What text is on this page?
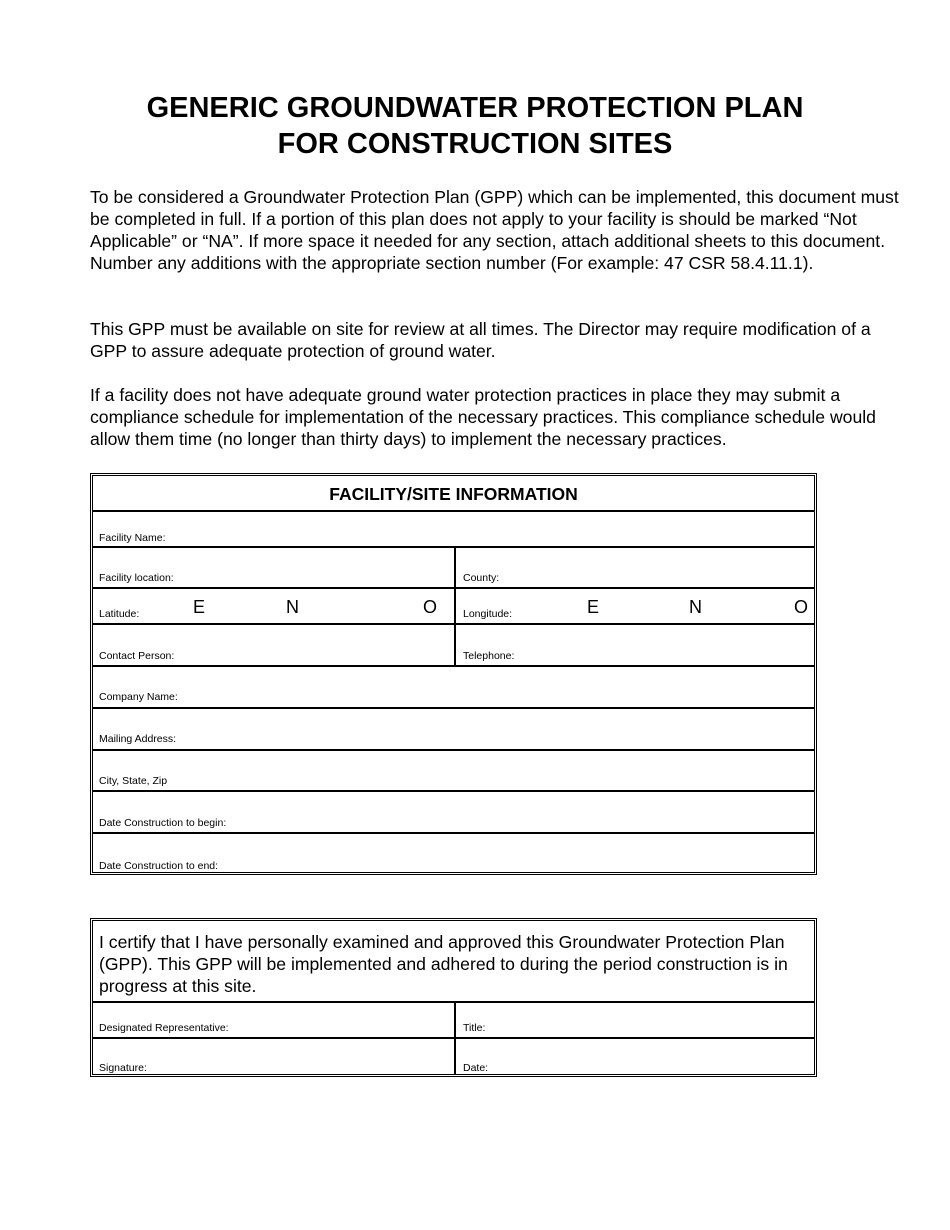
GENERIC GROUNDWATER PROTECTION PLAN
FOR CONSTRUCTION SITES

To be considered a Groundwater Protection Plan (GPP) which can be implemented, this document must be completed in full. If a portion of this plan does not apply to your facility is should be marked “Not Applicable” or “NA”. If more space it needed for any section, attach additional sheets to this document. Number any additions with the appropriate section number (For example: 47 CSR 58.4.11.1).

This GPP must be available on site for review at all times. The Director may require modification of a GPP to assure adequate protection of ground water.

If a facility does not have adequate ground water protection practices in place they may submit a compliance schedule for implementation of the necessary practices. This compliance schedule would allow them time (no longer than thirty days) to implement the necessary practices.

FACILITY/SITE INFORMATION
Facility Name:
Facility location:	County:
Latitude:	E	N	O Longitude:	E	N	O
Contact Person:	Telephone:
Company Name:
Mailing Address:
City, State, Zip
Date Construction to begin:
Date Construction to end:

I certify that I have personally examined and approved this Groundwater Protection Plan (GPP). This GPP will be implemented and adhered to during the period construction is in progress at this site.

Designated Representative:	Title:
Signature:	Date:
